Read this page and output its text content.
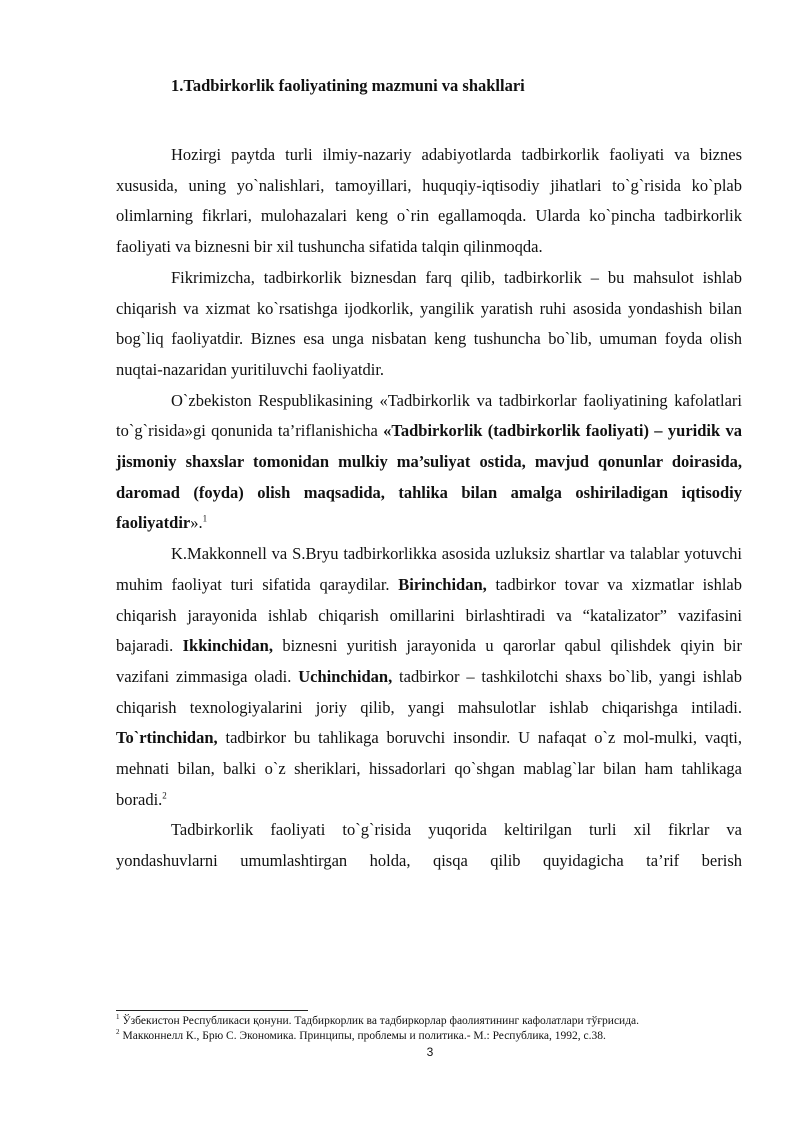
1.Tadbirkorlik faoliyatining mazmuni va shakllari

Hozirgi paytda turli ilmiy-nazariy adabiyotlarda tadbirkorlik faoliyati va biznes xususida, uning yo`nalishlari, tamoyillari, huquqiy-iqtisodiy jihatlari to`g`risida ko`plab olimlarning fikrlari, mulohazalari keng o`rin egallamoqda. Ularda ko`pincha tadbirkorlik faoliyati va biznesni bir xil tushuncha sifatida talqin qilinmoqda.

Fikrimizcha, tadbirkorlik biznesdan farq qilib, tadbirkorlik – bu mahsulot ishlab chiqarish va xizmat ko`rsatishga ijodkorlik, yangilik yaratish ruhi asosida yondashish bilan bog`liq faoliyatdir. Biznes esa unga nisbatan keng tushuncha bo`lib, umuman foyda olish nuqtai-nazaridan yuritiluvchi faoliyatdir.

O`zbekiston Respublikasining «Tadbirkorlik va tadbirkorlar faoliyatining kafolatlari to`g`risida»gi qonunida ta’riflanishicha «Tadbirkorlik (tadbirkorlik faoliyati) – yuridik va jismoniy shaxslar tomonidan mulkiy ma’suliyat ostida, mavjud qonunlar doirasida, daromad (foyda) olish maqsadida, tahlika bilan amalga oshiriladigan iqtisodiy faoliyatdir».$^1$

K.Makkonnell va S.Bryu tadbirkorlikka asosida uzluksiz shartlar va talablar yotuvchi muhim faoliyat turi sifatida qaraydilar. Birinchidan, tadbirkor tovar va xizmatlar ishlab chiqarish jarayonida ishlab chiqarish omillarini birlashtiradi va “katalizator” vazifasini bajaradi. Ikkinchidan, biznesni yuritish jarayonida u qarorlar qabul qilishdek qiyin bir vazifani zimmasiga oladi. Uchinchidan, tadbirkor – tashkilotchi shaxs bo`lib, yangi ishlab chiqarish texnologiyalarini joriy qilib, yangi mahsulotlar ishlab chiqarishga intiladi. To`rtinchidan, tadbirkor bu tahlikaga boruvchi insondir. U nafaqat o`z mol-mulki, vaqti, mehnati bilan, balki o`z sheriklari, hissadorlari qo`shgan mablag`lar bilan ham tahlikaga boradi.$^2$

Tadbirkorlik faoliyati to`g`risida yuqorida keltirilgan turli xil fikrlar va yondashuvlarni umumlashtirgan holda, qisqa qilib quyidagicha ta’rif berish

$^1$ Ўзбекистон Республикаси қонуни. Тадбиркорлик ва тадбиркорлар фаолиятининг кафолатлари тўғрисида.
$^2$ Макконнелл К., Брю С. Экономика. Принципы, проблемы и политика.- М.: Республика, 1992, с.38.
3
